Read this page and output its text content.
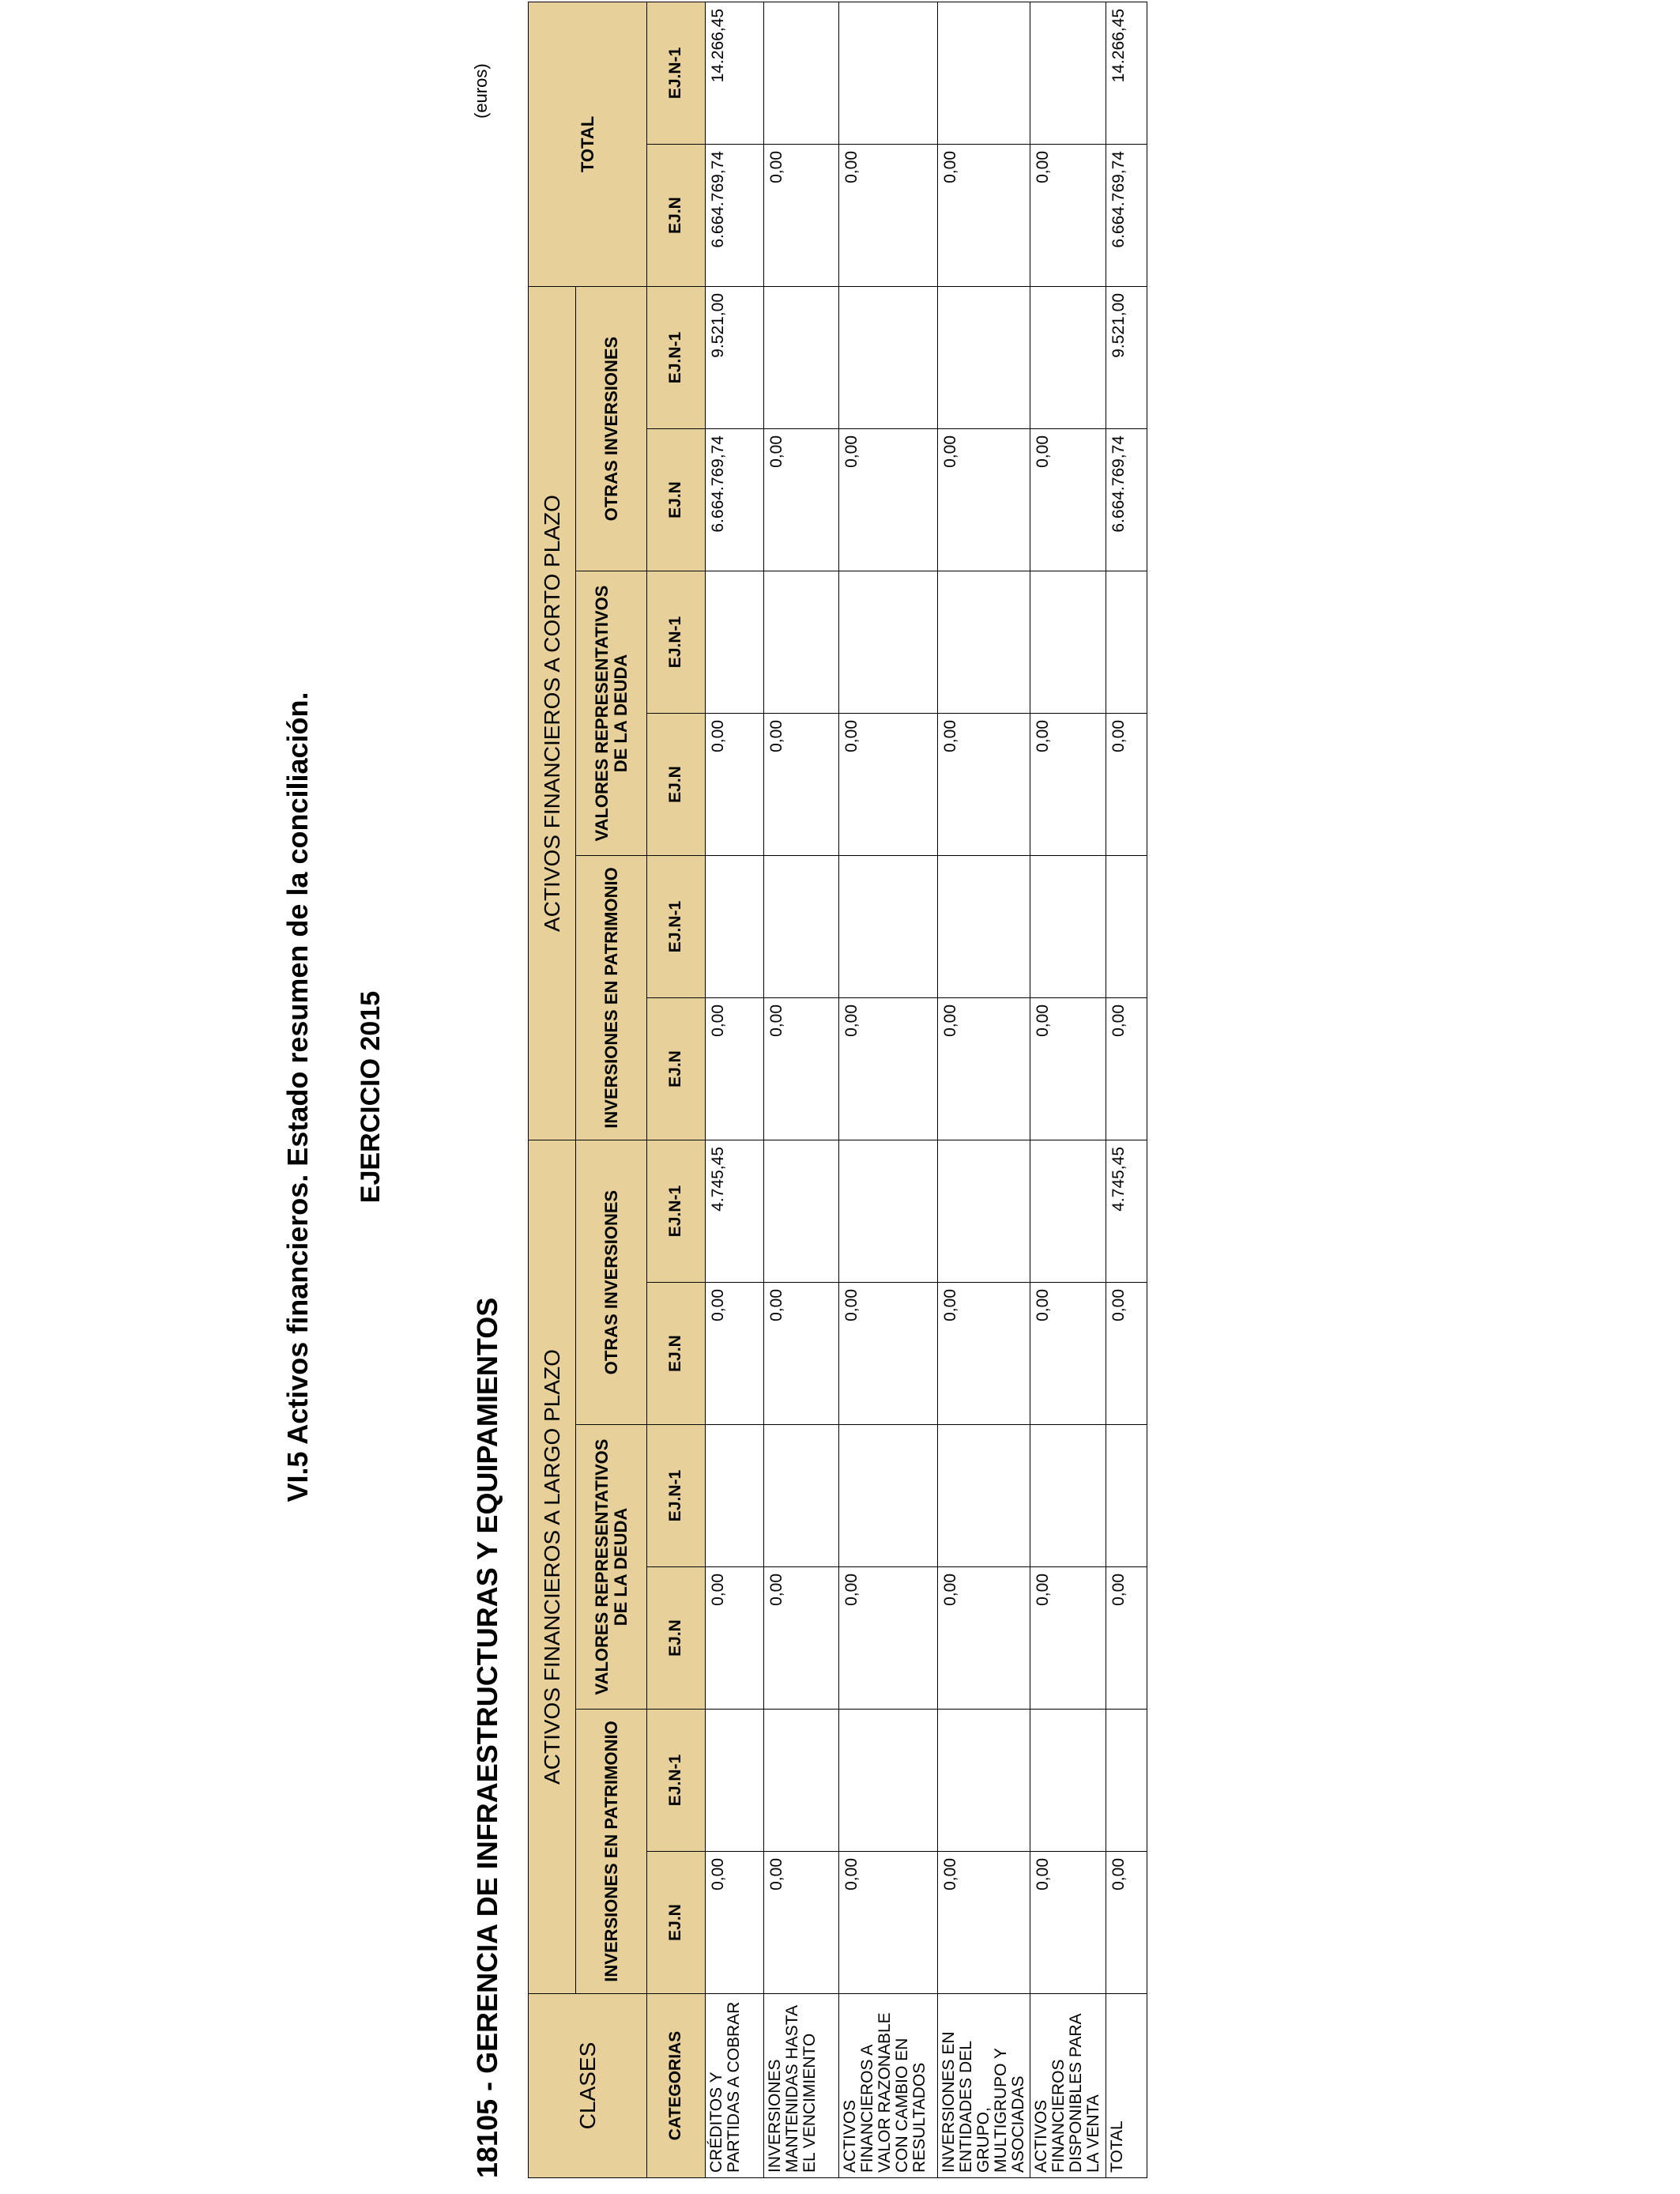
VI.5 Activos financieros. Estado resumen de la conciliación. EJERCICIO 2015
18105 - GERENCIA DE INFRAESTRUCTURAS Y EQUIPAMIENTOS
(euros)
CLASES	ACTIVOS FINANCIEROS A LARGO PLAZO						ACTIVOS FINANCIEROS A CORTO PLAZO						TOTAL	
	INVERSIONES EN PATRIMONIO		VALORES REPRESENTATIVOS DE LA DEUDA		OTRAS INVERSIONES		INVERSIONES EN PATRIMONIO		VALORES REPRESENTATIVOS DE LA DEUDA		OTRAS INVERSIONES			
CATEGORIAS	EJ.N	EJ.N-1	EJ.N	EJ.N-1	EJ.N	EJ.N-1	EJ.N	EJ.N-1	EJ.N	EJ.N-1	EJ.N	EJ.N-1	EJ.N	EJ.N-1
CRÉDITOS Y PARTIDAS A COBRAR	0,00		0,00		0,00	4.745,45	0,00		0,00		6.664.769,74	9.521,00	6.664.769,74	14.266,45
INVERSIONES MANTENIDAS HASTA EL VENCIMIENTO	0,00		0,00		0,00		0,00		0,00		0,00		0,00	
ACTIVOS FINANCIEROS A VALOR RAZONABLE CON CAMBIO EN RESULTADOS	0,00		0,00		0,00		0,00		0,00		0,00		0,00	
INVERSIONES EN ENTIDADES DEL GRUPO, MULTIGRUPO Y ASOCIADAS	0,00		0,00		0,00		0,00		0,00		0,00		0,00	
ACTIVOS FINANCIEROS DISPONIBLES PARA LA VENTA	0,00		0,00		0,00		0,00		0,00		0,00		0,00	
TOTAL	0,00		0,00		0,00	4.745,45	0,00		0,00		6.664.769,74	9.521,00	6.664.769,74	14.266,45
